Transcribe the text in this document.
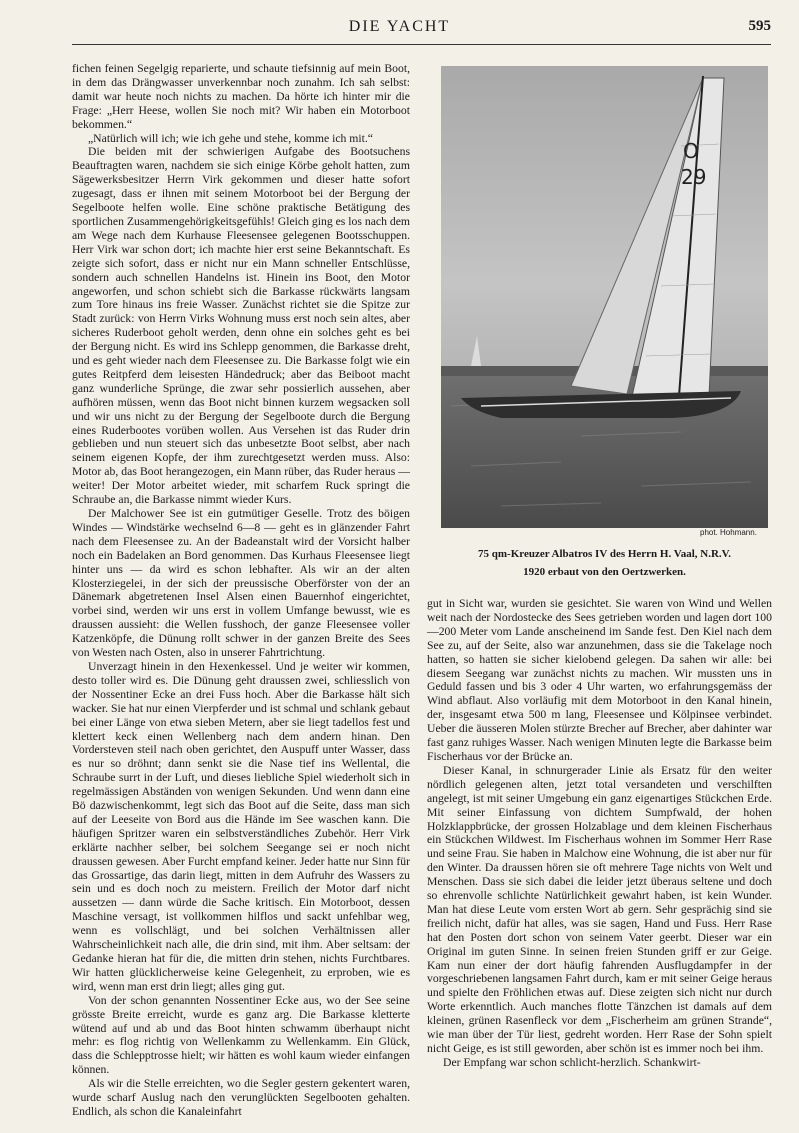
DIE YACHT	595

fichen feinen Segelgig reparierte, und schaute tiefsinnig auf mein Boot, in dem das Drängwasser unverkennbar noch zunahm. Ich sah selbst: damit war heute noch nichts zu machen. Da hörte ich hinter mir die Frage: „Herr Heese, wollen Sie noch mit? Wir haben ein Motorboot bekommen.“

„Natürlich will ich; wie ich gehe und stehe, komme ich mit.“

Die beiden mit der schwierigen Aufgabe des Bootsuchens Beauftragten waren, nachdem sie sich einige Körbe geholt hatten, zum Sägewerksbesitzer Herrn Virk gekommen und dieser hatte sofort zugesagt, dass er ihnen mit seinem Motorboot bei der Bergung der Segelboote helfen wolle. Eine schöne praktische Betätigung des sportlichen Zusammengehörigkeitsgefühls! Gleich ging es los nach dem am Wege nach dem Kurhause Fleesensee gelegenen Bootsschuppen. Herr Virk war schon dort; ich machte hier erst seine Bekanntschaft. Es zeigte sich sofort, dass er nicht nur ein Mann schneller Entschlüsse, sondern auch schnellen Handelns ist. Hinein ins Boot, den Motor angeworfen, und schon schiebt sich die Barkasse rückwärts langsam zum Tore hinaus ins freie Wasser. Zunächst richtet sie die Spitze zur Stadt zurück: von Herrn Virks Wohnung muss erst noch sein altes, aber sicheres Ruderboot geholt werden, denn ohne ein solches geht es bei der Bergung nicht. Es wird ins Schlepp genommen, die Barkasse dreht, und es geht wieder nach dem Fleesensee zu. Die Barkasse folgt wie ein gutes Reitpferd dem leisesten Händedruck; aber das Beiboot macht ganz wunderliche Sprünge, die zwar sehr possierlich aussehen, aber aufhören müssen, wenn das Boot nicht binnen kurzem wegsacken soll und wir uns nicht zu der Bergung der Segelboote durch die Bergung eines Ruderbootes vorüben wollen. Aus Versehen ist das Ruder drin geblieben und nun steuert sich das unbesetzte Boot selbst, aber nach seinem eigenen Kopfe, der ihm zurechtgesetzt werden muss. Also: Motor ab, das Boot herangezogen, ein Mann rüber, das Ruder heraus — weiter! Der Motor arbeitet wieder, mit scharfem Ruck springt die Schraube an, die Barkasse nimmt wieder Kurs.

Der Malchower See ist ein gutmütiger Geselle. Trotz des böigen Windes — Windstärke wechselnd 6—8 — geht es in glänzender Fahrt nach dem Fleesensee zu. An der Badeanstalt wird der Vorsicht halber noch ein Badelaken an Bord genommen. Das Kurhaus Fleesensee liegt hinter uns — da wird es schon lebhafter. Als wir an der alten Klosterziegelei, in der sich der preussische Oberförster von der an Dänemark abgetretenen Insel Alsen einen Bauernhof eingerichtet, vorbei sind, werden wir uns erst in vollem Umfange bewusst, wie es draussen aussieht: die Wellen fusshoch, der ganze Fleesensee voller Katzenköpfe, die Dünung rollt schwer in der ganzen Breite des Sees von Westen nach Osten, also in unserer Fahrtrichtung.

Unverzagt hinein in den Hexenkessel. Und je weiter wir kommen, desto toller wird es. Die Dünung geht draussen zwei, schliesslich von der Nossentiner Ecke an drei Fuss hoch. Aber die Barkasse hält sich wacker. Sie hat nur einen Vierpferder und ist schmal und schlank gebaut bei einer Länge von etwa sieben Metern, aber sie liegt tadellos fest und klettert keck einen Wellenberg nach dem andern hinan. Den Vordersteven steil nach oben gerichtet, den Auspuff unter Wasser, dass es nur so dröhnt; dann senkt sie die Nase tief ins Wellental, die Schraube surrt in der Luft, und dieses liebliche Spiel wiederholt sich in regelmässigen Abständen von wenigen Sekunden. Und wenn dann eine Bö dazwischenkommt, legt sich das Boot auf die Seite, dass man sich auf der Leeseite von Bord aus die Hände im See waschen kann. Die häufigen Spritzer waren ein selbstverständliches Zubehör. Herr Virk erklärte nachher selber, bei solchem Seegange sei er noch nicht draussen gewesen. Aber Furcht empfand keiner. Jeder hatte nur Sinn für das Grossartige, das darin liegt, mitten in dem Aufruhr des Wassers zu sein und es doch noch zu meistern. Freilich der Motor darf nicht aussetzen — dann würde die Sache kritisch. Ein Motorboot, dessen Maschine versagt, ist vollkommen hilflos und sackt unfehlbar weg, wenn es vollschlägt, und bei solchen Verhältnissen aller Wahrscheinlichkeit nach alle, die drin sind, mit ihm. Aber seltsam: der Gedanke hieran hat für die, die mitten drin stehen, nichts Furchtbares. Wir hatten glücklicherweise keine Gelegenheit, zu erproben, wie es wird, wenn man erst drin liegt; alles ging gut.

Von der schon genannten Nossentiner Ecke aus, wo der See seine grösste Breite erreicht, wurde es ganz arg. Die Barkasse kletterte wütend auf und ab und das Boot hinten schwamm überhaupt nicht mehr: es flog richtig von Wellenkamm zu Wellenkamm. Ein Glück, dass die Schlepptrosse hielt; wir hätten es wohl kaum wieder einfangen können.

Als wir die Stelle erreichten, wo die Segler gestern gekentert waren, wurde scharf Auslug nach den verunglückten Segelbooten gehalten. Endlich, als schon die Kanaleinfahrt

O
29
phot. Hohmann.
75 qm-Kreuzer Albatros IV des Herrn H. Vaal, N.R.V.
1920 erbaut von den Oertzwerken.

gut in Sicht war, wurden sie gesichtet. Sie waren von Wind und Wellen weit nach der Nordostecke des Sees getrieben worden und lagen dort 100—200 Meter vom Lande anscheinend im Sande fest. Den Kiel nach dem See zu, auf der Seite, also war anzunehmen, dass sie die Takelage noch hatten, so hatten sie sicher kielobend gelegen. Da sahen wir alle: bei diesem Seegang war zunächst nichts zu machen. Wir mussten uns in Geduld fassen und bis 3 oder 4 Uhr warten, wo erfahrungsgemäss der Wind abflaut. Also vorläufig mit dem Motorboot in den Kanal hinein, der, insgesamt etwa 500 m lang, Fleesensee und Kölpinsee verbindet. Ueber die äusseren Molen stürzte Brecher auf Brecher, aber dahinter war fast ganz ruhiges Wasser. Nach wenigen Minuten legte die Barkasse beim Fischerhaus vor der Brücke an.

Dieser Kanal, in schnurgerader Linie als Ersatz für den weiter nördlich gelegenen alten, jetzt total versandeten und verschilften angelegt, ist mit seiner Umgebung ein ganz eigenartiges Stückchen Erde. Mit seiner Einfassung von dichtem Sumpfwald, der hohen Holzklappbrücke, der grossen Holzablage und dem kleinen Fischerhaus ein Stückchen Wildwest. Im Fischerhaus wohnen im Sommer Herr Rase und seine Frau. Sie haben in Malchow eine Wohnung, die ist aber nur für den Winter. Da draussen hören sie oft mehrere Tage nichts von Welt und Menschen. Dass sie sich dabei die leider jetzt überaus seltene und doch so ehrenvolle schlichte Natürlichkeit gewahrt haben, ist kein Wunder. Man hat diese Leute vom ersten Wort ab gern. Sehr gesprächig sind sie freilich nicht, dafür hat alles, was sie sagen, Hand und Fuss. Herr Rase hat den Posten dort schon von seinem Vater geerbt. Dieser war ein Original im guten Sinne. In seinen freien Stunden griff er zur Geige. Kam nun einer der dort häufig fahrenden Ausflugdampfer in der vorgeschriebenen langsamen Fahrt durch, kam er mit seiner Geige heraus und spielte den Fröhlichen etwas auf. Diese zeigten sich nicht nur durch Worte erkenntlich. Auch manches flotte Tänzchen ist damals auf dem kleinen, grünen Rasenfleck vor dem „Fischerheim am grünen Strande“, wie man über der Tür liest, gedreht worden. Herr Rase der Sohn spielt nicht Geige, es ist still geworden, aber schön ist es immer noch bei ihm.

Der Empfang war schon schlicht-herzlich. Schankwirt-
